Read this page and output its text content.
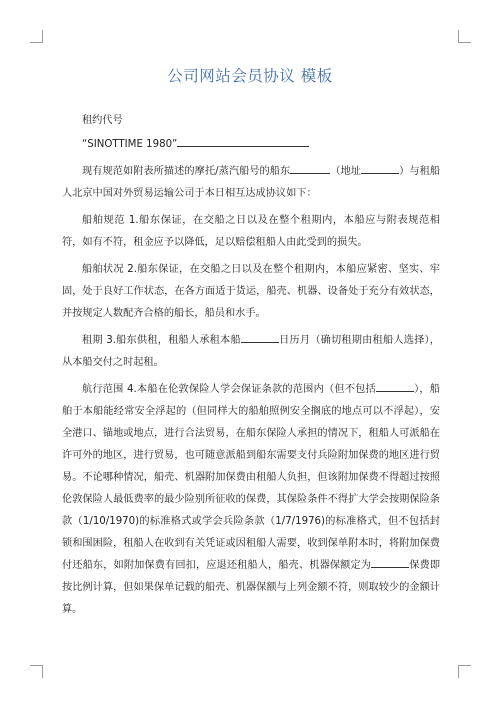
公司网站会员协议 模板
租约代号
“SINOTTIME 1980”
现有规范如附表所描述的摩托/蒸汽船号的船东	（地址	）与租船人北京中国对外贸易运输公司于本日相互达成协议如下：
船舶规范 1.船东保证，在交船之日以及在整个租期内，本船应与附表规范相符，如有不符，租金应予以降低，足以赔偿租船人由此受到的损失。
船舶状况 2.船东保证，在交船之日以及在整个租期内，本船应紧密、坚实、牢固，处于良好工作状态，在各方面适于货运，船壳、机器、设备处于充分有效状态，并按规定人数配齐合格的船长，船员和水手。
租期 3.船东供租，租船人承租本船	日历月（确切租期由租船人选择），从本船交付之时起租。
航行范围 4.本船在伦敦保险人学会保证条款的范围内（但不包括	），船舶于本船能经常安全浮起的（但同样大的船舶照例安全搁底的地点可以不浮起），安全港口、锚地或地点，进行合法贸易，在船东保险人承担的情况下，租船人可派船在许可外的地区，进行贸易，也可随意派船到船东需要支付兵险附加保费的地区进行贸易。不论哪种情况，船壳、机器附加保费由租船人负担，但该附加保费不得超过按照伦敦保险人最低费率的最少险别所征收的保费，其保险条件不得扩大学会按期保险条款（1/10/1970)的标准格式或学会兵险条款（1/7/1976)的标准格式，但不包括封锁和围困险，租船人在收到有关凭证或因租船人需要，收到保单附本时，将附加保费付还船东，如附加保费有回扣，应退还租船人，船壳、机器保额定为	保费即按比例计算，但如果保单记载的船壳、机器保额与上列金额不符，则取较少的金额计算。
